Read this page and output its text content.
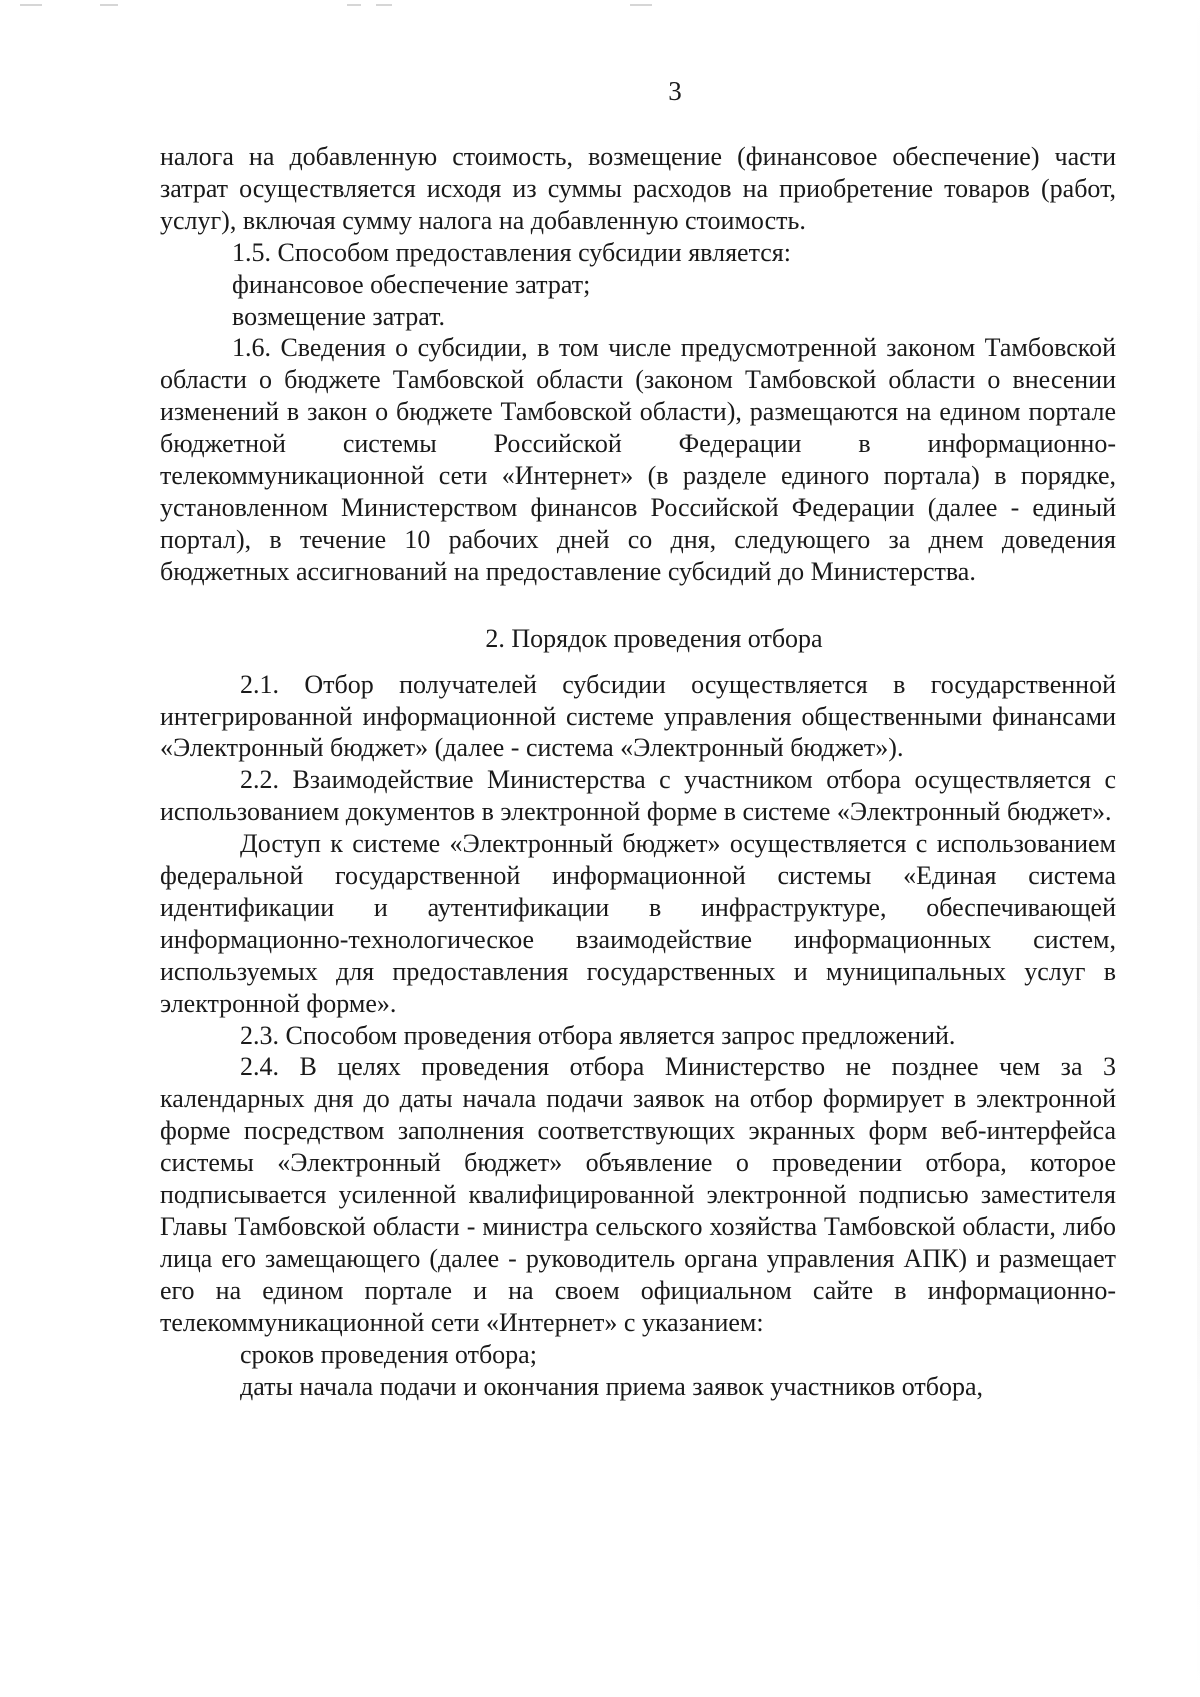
3

налога на добавленную стоимость, возмещение (финансовое обеспечение) части затрат осуществляется исходя из суммы расходов на приобретение товаров (работ, услуг), включая сумму налога на добавленную стоимость.

1.5. Способом предоставления субсидии является:

финансовое обеспечение затрат;

возмещение затрат.

1.6. Сведения о субсидии, в том числе предусмотренной законом Тамбовской области о бюджете Тамбовской области (законом Тамбовской области о внесении изменений в закон о бюджете Тамбовской области), размещаются на едином портале бюджетной системы Российской Федерации в информационно-телекоммуникационной сети «Интернет» (в разделе единого портала) в порядке, установленном Министерством финансов Российской Федерации (далее - единый портал), в течение 10 рабочих дней со дня, следующего за днем доведения бюджетных ассигнований на предоставление субсидий до Министерства.

2. Порядок проведения отбора

2.1. Отбор получателей субсидии осуществляется в государственной интегрированной информационной системе управления общественными финансами «Электронный бюджет» (далее - система «Электронный бюджет»).

2.2. Взаимодействие Министерства с участником отбора осуществляется с использованием документов в электронной форме в системе «Электронный бюджет».

Доступ к системе «Электронный бюджет» осуществляется с использованием федеральной государственной информационной системы «Единая система идентификации и аутентификации в инфраструктуре, обеспечивающей информационно-технологическое взаимодействие информационных систем, используемых для предоставления государственных и муниципальных услуг в электронной форме».

2.3. Способом проведения отбора является запрос предложений.

2.4. В целях проведения отбора Министерство не позднее чем за 3 календарных дня до даты начала подачи заявок на отбор формирует в электронной форме посредством заполнения соответствующих экранных форм веб-интерфейса системы «Электронный бюджет» объявление о проведении отбора, которое подписывается усиленной квалифицированной электронной подписью заместителя Главы Тамбовской области - министра сельского хозяйства Тамбовской области, либо лица его замещающего (далее - руководитель органа управления АПК) и размещает его на едином портале и на своем официальном сайте в информационно-телекоммуникационной сети «Интернет» с указанием:

сроков проведения отбора;

даты начала подачи и окончания приема заявок участников отбора,
